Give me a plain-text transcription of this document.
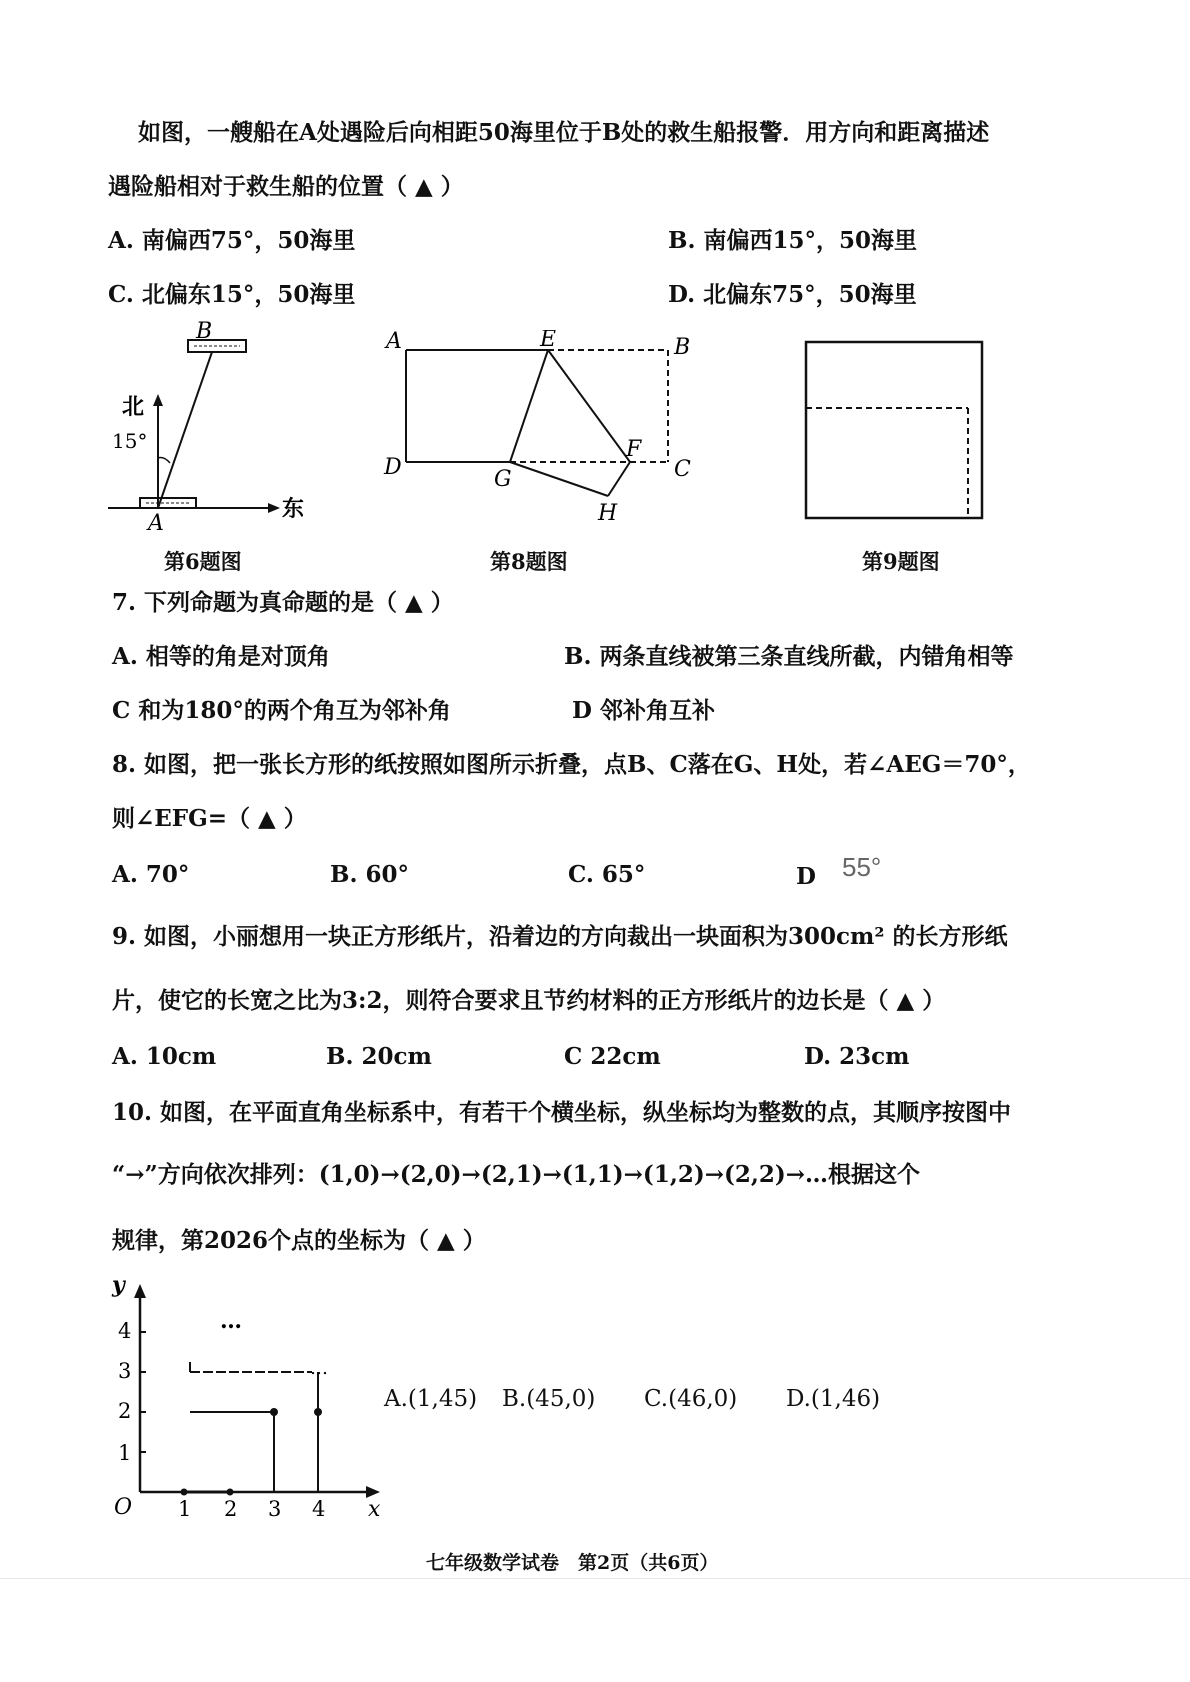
如图，一艘船在A处遇险后向相距50海里位于B处的救生船报警．用方向和距离描述
遇险船相对于救生船的位置（ ▲ ）
A. 南偏西75°，50海里	B. 南偏西15°，50海里
C. 北偏东15°，50海里	D. 北偏东75°，50海里
B
A
北
东
15°
第6题图
A	E	B
D	G
F
C
H
第8题图	第9题图
7. 下列命题为真命题的是（ ▲ ）
A. 相等的角是对顶角	B. 两条直线被第三条直线所截，内错角相等
C 和为180°的两个角互为邻补角	D 邻补角互补
8. 如图，把一张长方形的纸按照如图所示折叠，点B、C落在G、H处，若∠AEG＝70°，
则∠EFG=（ ▲ ）
A. 70°	B. 60°	C. 65°	D 55°
9. 如图，小丽想用一块正方形纸片，沿着边的方向裁出一块面积为300cm² 的长方形纸
片，使它的长宽之比为3:2，则符合要求且节约材料的正方形纸片的边长是（ ▲ ）
A. 10cm	B. 20cm	C 22cm	D. 23cm
10. 如图，在平面直角坐标系中，有若干个横坐标，纵坐标均为整数的点，其顺序按图中
“→”方向依次排列：(1,0)→(2,0)→(2,1)→(1,1)→(1,2)→(2,2)→…根据这个
规律，第2026个点的坐标为（ ▲ ）
y
4
3
2
1
O 1 2 3 4 x
…
…
A.(1,45) B.(45,0) C.(46,0) D.(1,46)
七年级数学试卷　第2页（共6页）
